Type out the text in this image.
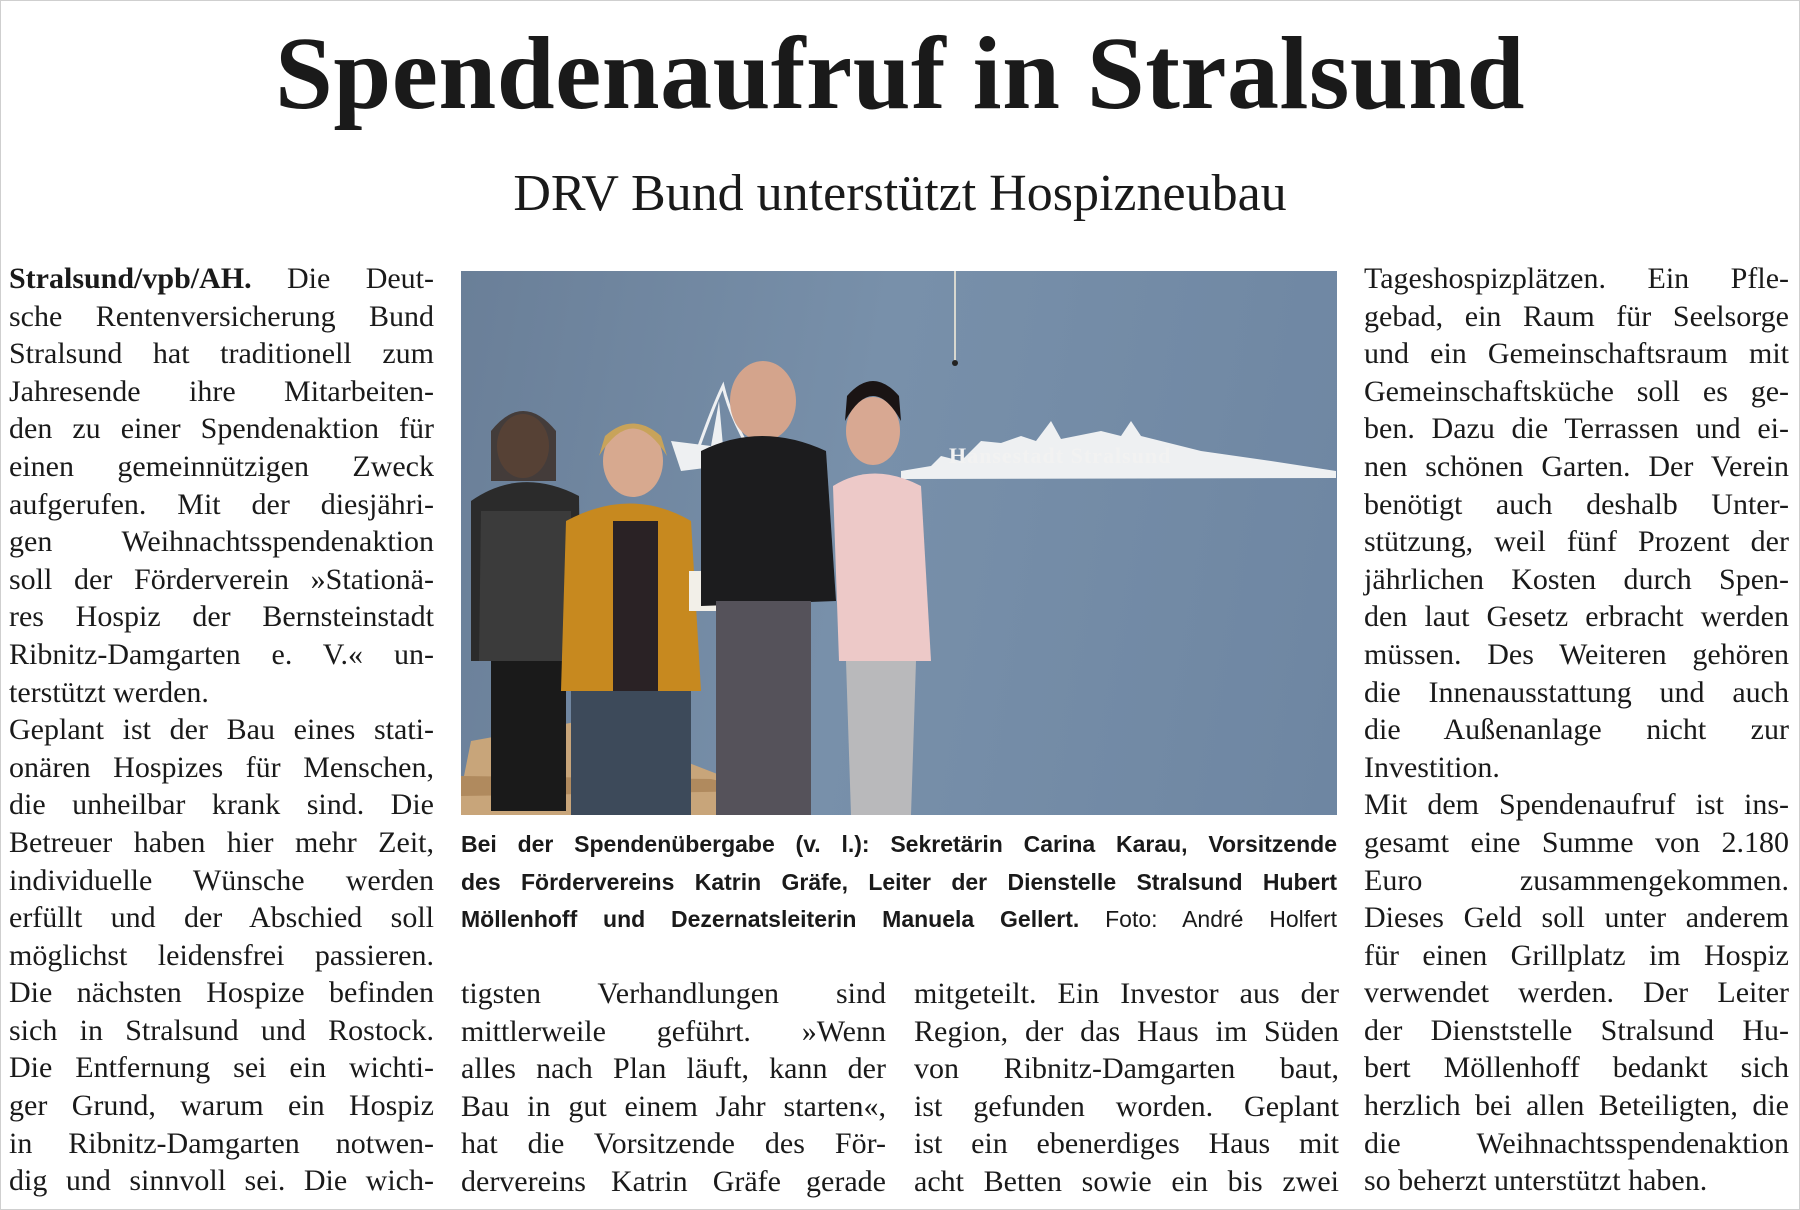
Spendenaufruf in Stralsund
DRV Bund unterstützt Hospizneubau
Stralsund/vpb/AH. Die Deut-
sche Rentenversicherung Bund
Stralsund hat traditionell zum
Jahresende ihre Mitarbeiten-
den zu einer Spendenaktion für
einen gemeinnützigen Zweck
aufgerufen. Mit der diesjähri-
gen Weihnachtsspendenaktion
soll der Förderverein »Stationä-
res Hospiz der Bernsteinstadt
Ribnitz-Damgarten e. V.« un-
terstützt werden.
Geplant ist der Bau eines stati-
onären Hospizes für Menschen,
die unheilbar krank sind. Die
Betreuer haben hier mehr Zeit,
individuelle Wünsche werden
erfüllt und der Abschied soll
möglichst leidensfrei passieren.
Die nächsten Hospize befinden
sich in Stralsund und Rostock.
Die Entfernung sei ein wichti-
ger Grund, warum ein Hospiz
in Ribnitz-Damgarten notwen-
dig und sinnvoll sei. Die wich-
tigsten Verhandlungen sind
mittlerweile geführt. »Wenn
alles nach Plan läuft, kann der
Bau in gut einem Jahr starten«,
hat die Vorsitzende des För-
dervereins Katrin Gräfe gerade
mitgeteilt. Ein Investor aus der
Region, der das Haus im Süden
von Ribnitz-Damgarten baut,
ist gefunden worden. Geplant
ist ein ebenerdiges Haus mit
acht Betten sowie ein bis zwei
Tageshospizplätzen. Ein Pfle-
gebad, ein Raum für Seelsorge
und ein Gemeinschaftsraum mit
Gemeinschaftsküche soll es ge-
ben. Dazu die Terrassen und ei-
nen schönen Garten. Der Verein
benötigt auch deshalb Unter-
stützung, weil fünf Prozent der
jährlichen Kosten durch Spen-
den laut Gesetz erbracht werden
müssen. Des Weiteren gehören
die Innenausstattung und auch
die Außenanlage nicht zur
Investition.
Mit dem Spendenaufruf ist ins-
gesamt eine Summe von 2.180
Euro zusammengekommen.
Dieses Geld soll unter anderem
für einen Grillplatz im Hospiz
verwendet werden. Der Leiter
der Dienststelle Stralsund Hu-
bert Möllenhoff bedankt sich
herzlich bei allen Beteiligten, die
die Weihnachtsspendenaktion
so beherzt unterstützt haben.
Hansestadt Stralsund
Bei der Spendenübergabe (v. l.): Sekretärin Carina Karau, Vorsitzende
des Fördervereins Katrin Gräfe, Leiter der Dienstelle Stralsund Hubert
Möllenhoff und Dezernatsleiterin Manuela Gellert. Foto: André Holfert
